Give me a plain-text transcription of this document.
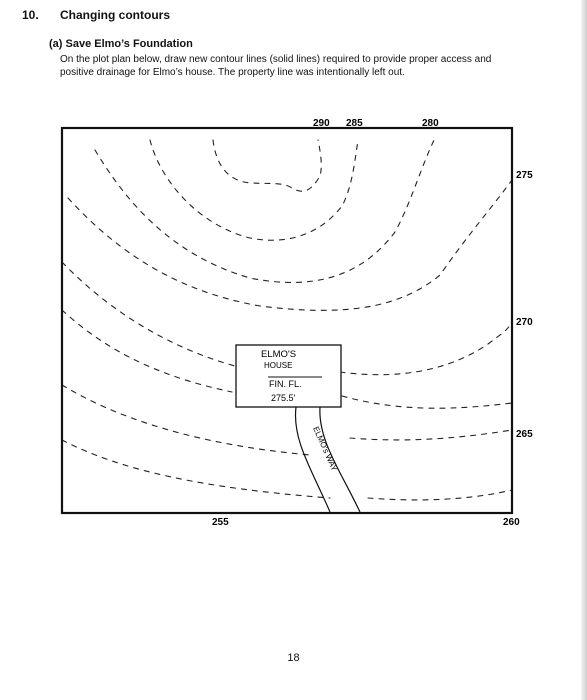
10. Changing contours
(a) Save Elmo’s Foundation
On the plot plan below, draw new contour lines (solid lines) required to provide proper access and positive drainage for Elmo’s house. The property line was intentionally left out.
290 285	280
275
270
265
260
255
ELMO'S
HOUSE
FIN. FL.
275.5'
ELMO's WAY
18
